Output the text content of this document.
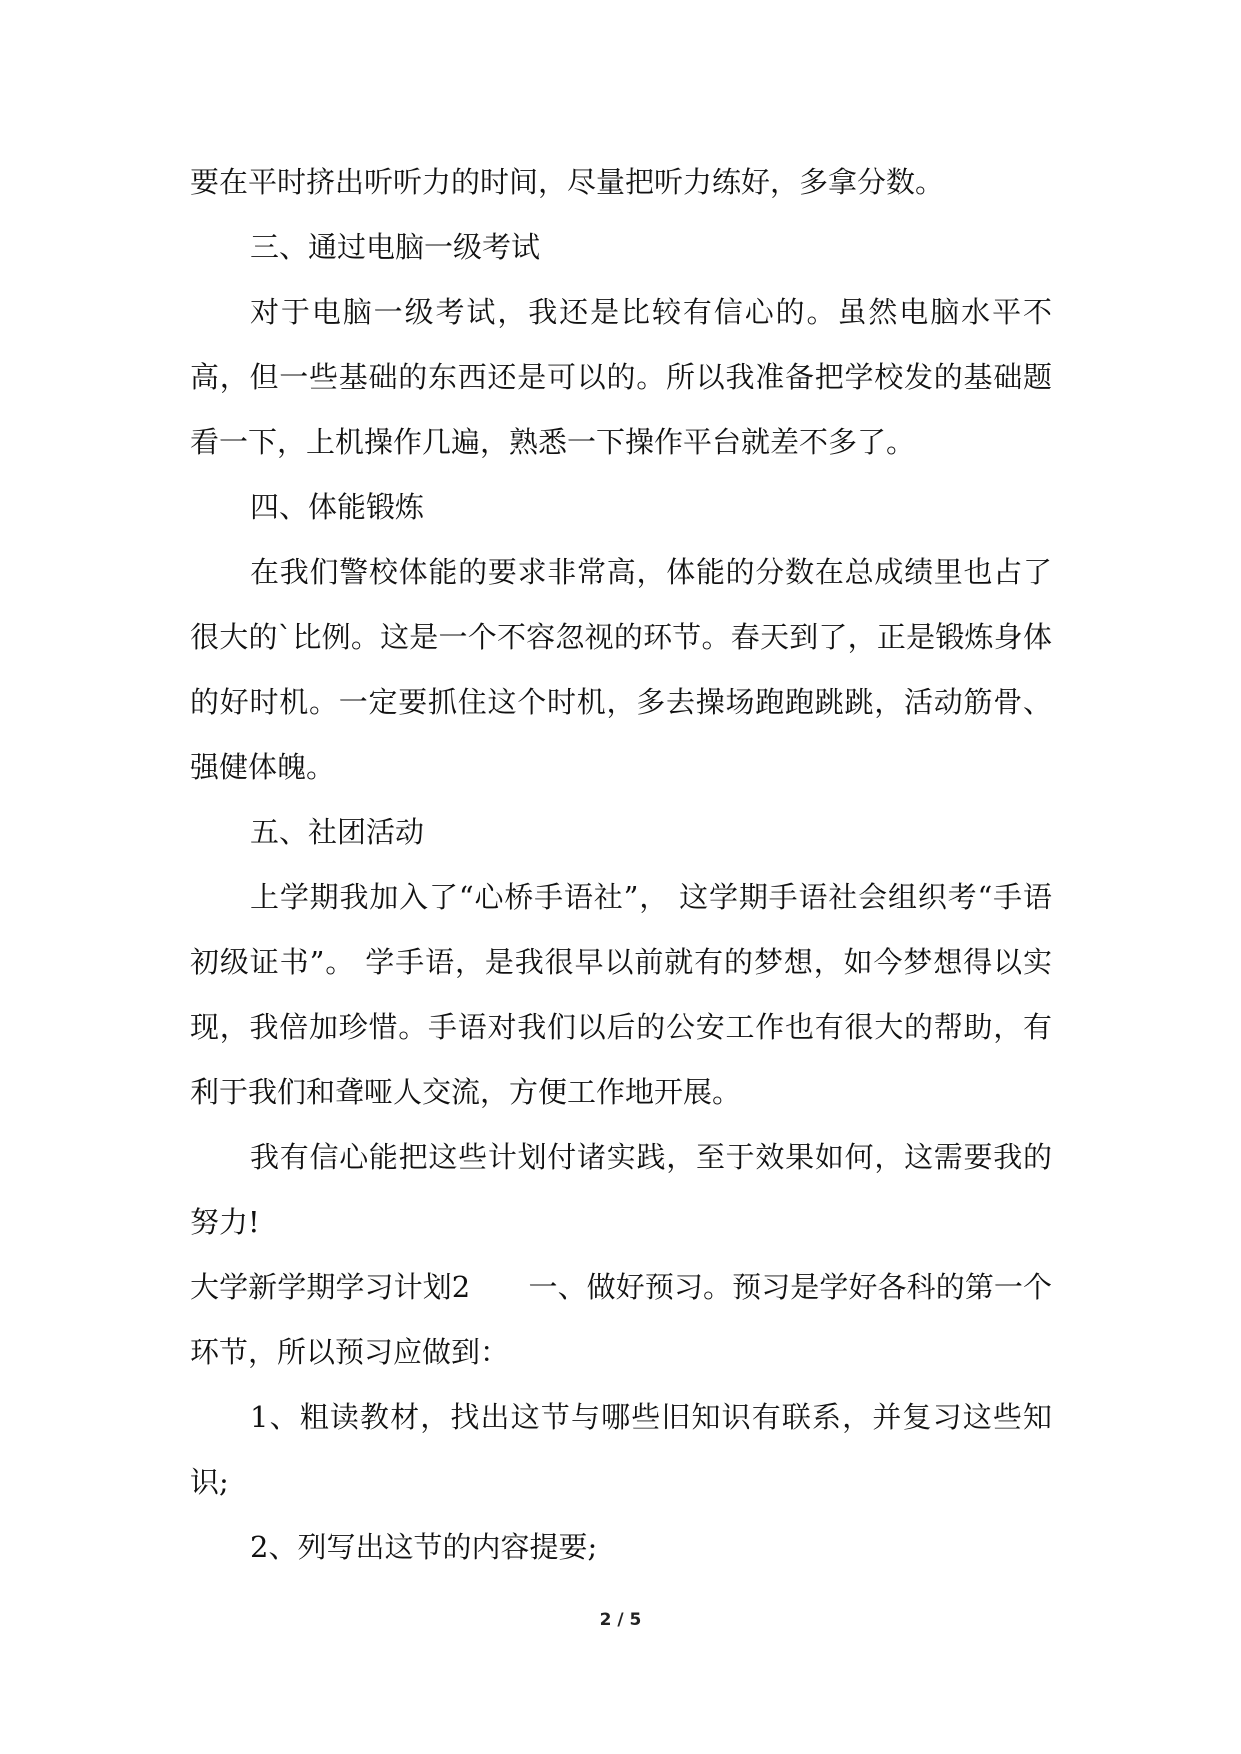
要在平时挤出听听力的时间，尽量把听力练好，多拿分数。

三、通过电脑一级考试

对于电脑一级考试，我还是比较有信心的。虽然电脑水平不高，但一些基础的东西还是可以的。所以我准备把学校发的基础题看一下，上机操作几遍，熟悉一下操作平台就差不多了。

四、体能锻炼

在我们警校体能的要求非常高，体能的分数在总成绩里也占了很大的`比例。这是一个不容忽视的环节。春天到了，正是锻炼身体的好时机。一定要抓住这个时机，多去操场跑跑跳跳，活动筋骨、强健体魄。

五、社团活动

上学期我加入了“心桥手语社”， 这学期手语社会组织考“手语初级证书”。 学手语，是我很早以前就有的梦想，如今梦想得以实现，我倍加珍惜。手语对我们以后的公安工作也有很大的帮助，有利于我们和聋哑人交流，方便工作地开展。

我有信心能把这些计划付诸实践，至于效果如何，这需要我的努力!

大学新学期学习计划2　　一、做好预习。预习是学好各科的第一个环节，所以预习应做到：

1、粗读教材，找出这节与哪些旧知识有联系，并复习这些知识;

2、列写出这节的内容提要;

2 / 5
